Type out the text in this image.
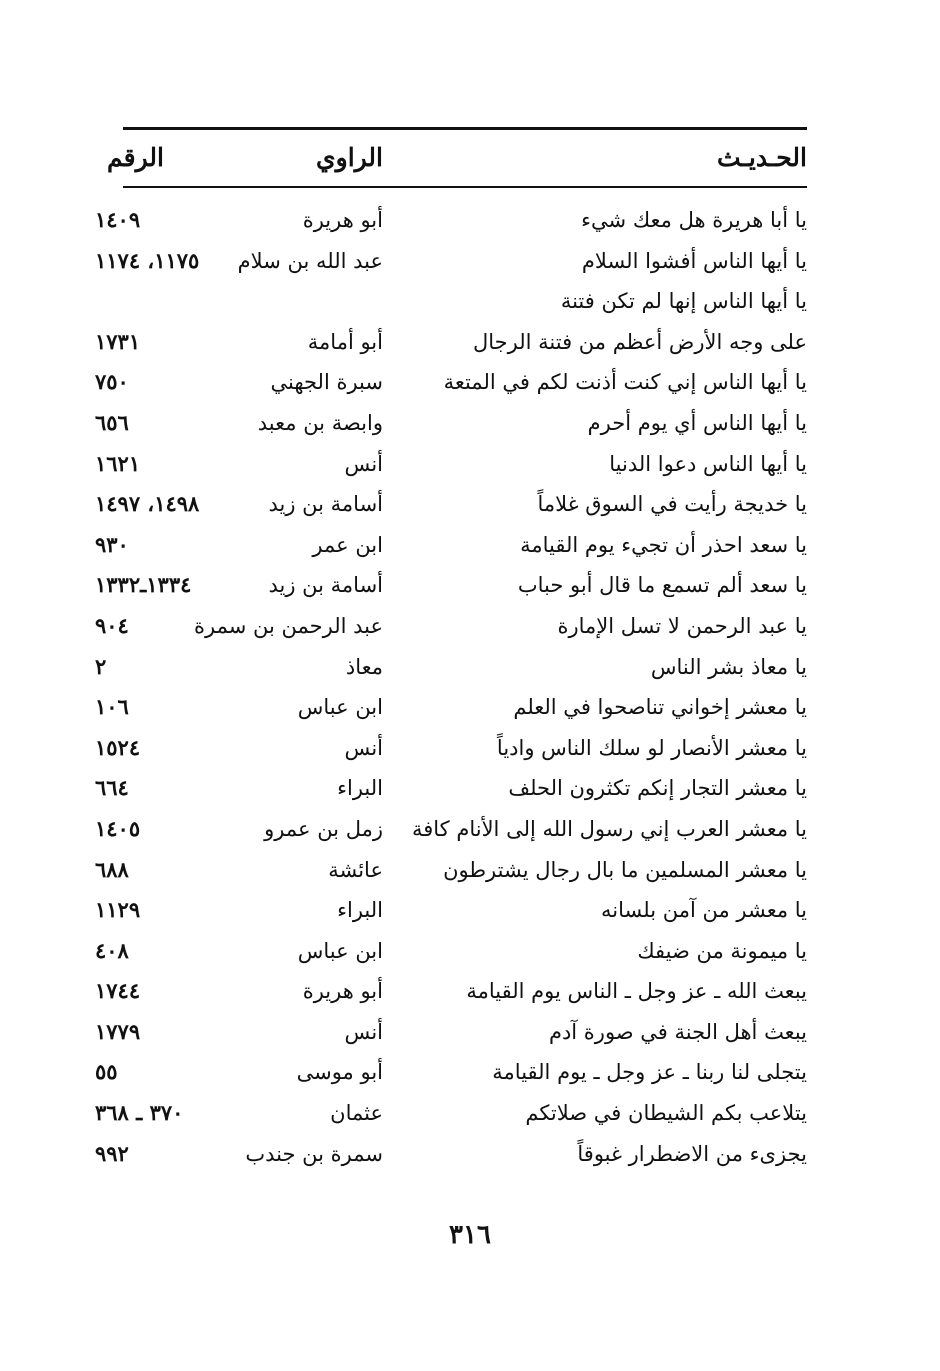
الحـديـث
الراوي
الرقم
يا أبا هريرة هل معك شيء
أبو هريرة
١٤٠٩
يا أيها الناس أفشوا السلام
عبد الله بن سلام
١١٧٥، ١١٧٤
يا أيها الناس إنها لم تكن فتنة
على وجه الأرض أعظم من فتنة الرجال
أبو أمامة
١٧٣١
يا أيها الناس إني كنت أذنت لكم في المتعة
سبرة الجهني
٧٥٠
يا أيها الناس أي يوم أحرم
وابصة بن معبد
٦٥٦
يا أيها الناس دعوا الدنيا
أنس
١٦٢١
يا خديجة رأيت في السوق غلاماً
أسامة بن زيد
١٤٩٨، ١٤٩٧
يا سعد احذر أن تجيء يوم القيامة
ابن عمر
٩٣٠
يا سعد ألم تسمع ما قال أبو حباب
أسامة بن زيد
١٣٣٤ـ١٣٣٢
يا عبد الرحمن لا تسل الإمارة
عبد الرحمن بن سمرة
٩٠٤
يا معاذ بشر الناس
معاذ
٢
يا معشر إخواني تناصحوا في العلم
ابن عباس
١٠٦
يا معشر الأنصار لو سلك الناس وادياً
أنس
١٥٢٤
يا معشر التجار إنكم تكثرون الحلف
البراء
٦٦٤
يا معشر العرب إني رسول الله إلى الأنام كافة
زمل بن عمرو
١٤٠٥
يا معشر المسلمين ما بال رجال يشترطون
عائشة
٦٨٨
يا معشر من آمن بلسانه
البراء
١١٢٩
يا ميمونة من ضيفك
ابن عباس
٤٠٨
يبعث الله ـ عز وجل ـ الناس يوم القيامة
أبو هريرة
١٧٤٤
يبعث أهل الجنة في صورة آدم
أنس
١٧٧٩
يتجلى لنا ربنا ـ عز وجل ـ يوم القيامة
أبو موسى
٥٥
يتلاعب بكم الشيطان في صلاتكم
عثمان
٣٧٠ ـ ٣٦٨
يجزىء من الاضطرار غبوقاً
سمرة بن جندب
٩٩٢
٣١٦
